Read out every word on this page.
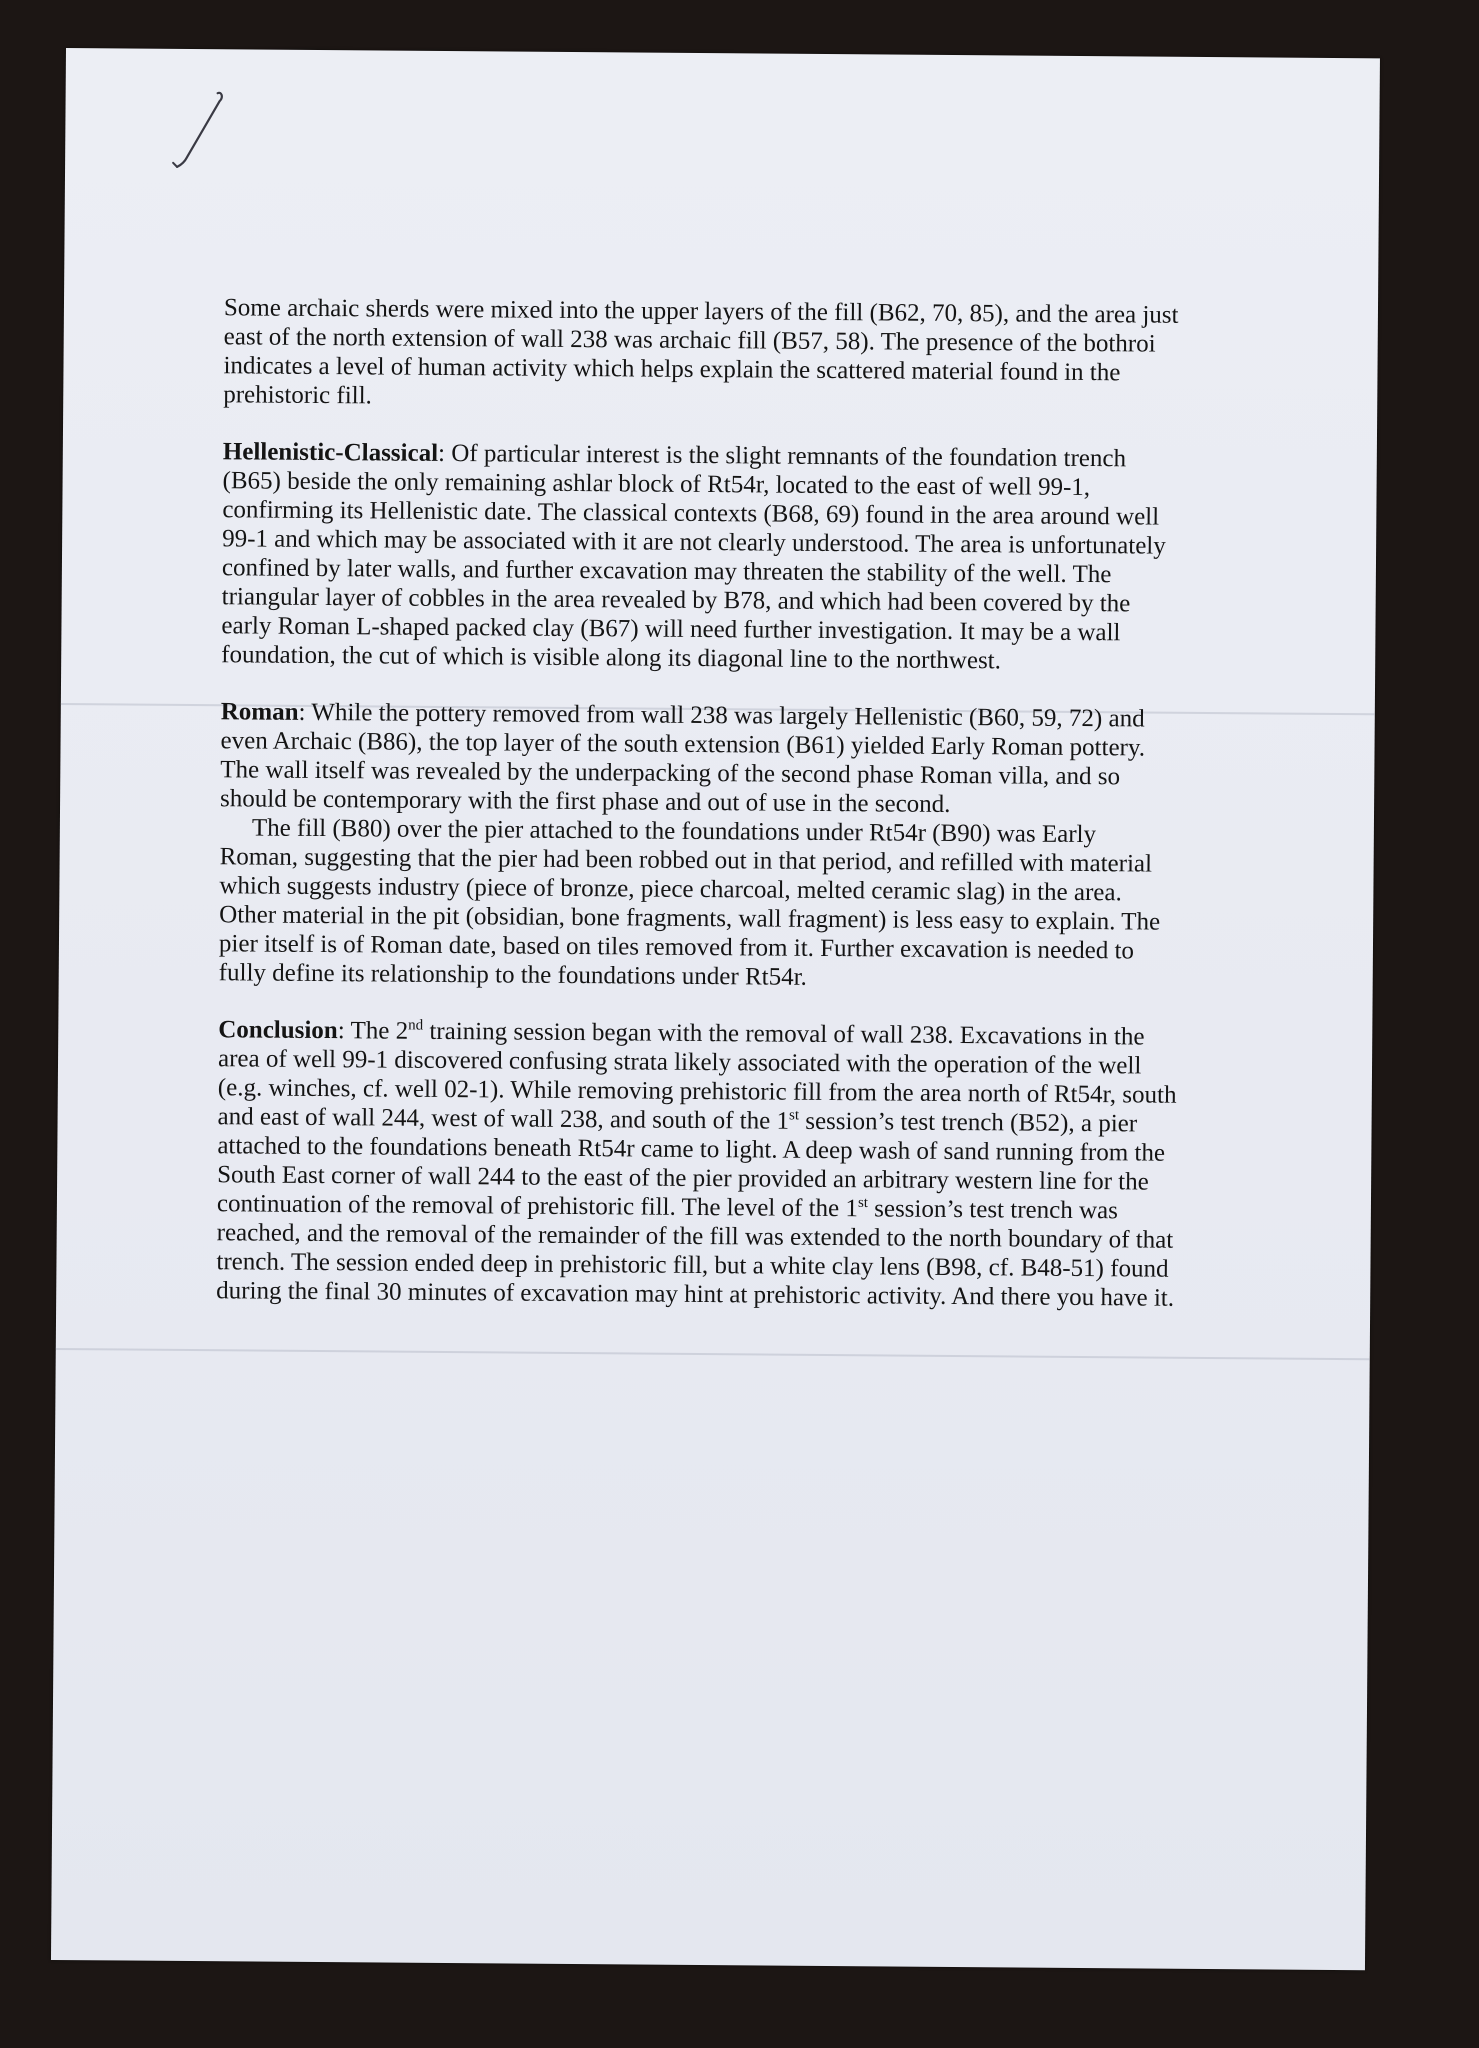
Some archaic sherds were mixed into the upper layers of the fill (B62, 70, 85), and the area just east of the north extension of wall 238 was archaic fill (B57, 58). The presence of the bothroi indicates a level of human activity which helps explain the scattered material found in the prehistoric fill.

Hellenistic-Classical: Of particular interest is the slight remnants of the foundation trench (B65) beside the only remaining ashlar block of Rt54r, located to the east of well 99-1, confirming its Hellenistic date. The classical contexts (B68, 69) found in the area around well 99-1 and which may be associated with it are not clearly understood. The area is unfortunately confined by later walls, and further excavation may threaten the stability of the well. The triangular layer of cobbles in the area revealed by B78, and which had been covered by the early Roman L-shaped packed clay (B67) will need further investigation. It may be a wall foundation, the cut of which is visible along its diagonal line to the northwest.

Roman: While the pottery removed from wall 238 was largely Hellenistic (B60, 59, 72) and even Archaic (B86), the top layer of the south extension (B61) yielded Early Roman pottery. The wall itself was revealed by the underpacking of the second phase Roman villa, and so should be contemporary with the first phase and out of use in the second.

The fill (B80) over the pier attached to the foundations under Rt54r (B90) was Early Roman, suggesting that the pier had been robbed out in that period, and refilled with material which suggests industry (piece of bronze, piece charcoal, melted ceramic slag) in the area. Other material in the pit (obsidian, bone fragments, wall fragment) is less easy to explain. The pier itself is of Roman date, based on tiles removed from it. Further excavation is needed to fully define its relationship to the foundations under Rt54r.

Conclusion: The 2nd training session began with the removal of wall 238. Excavations in the area of well 99-1 discovered confusing strata likely associated with the operation of the well (e.g. winches, cf. well 02-1). While removing prehistoric fill from the area north of Rt54r, south and east of wall 244, west of wall 238, and south of the 1st session’s test trench (B52), a pier attached to the foundations beneath Rt54r came to light. A deep wash of sand running from the South East corner of wall 244 to the east of the pier provided an arbitrary western line for the continuation of the removal of prehistoric fill. The level of the 1st session’s test trench was reached, and the removal of the remainder of the fill was extended to the north boundary of that trench. The session ended deep in prehistoric fill, but a white clay lens (B98, cf. B48-51) found during the final 30 minutes of excavation may hint at prehistoric activity. And there you have it.
